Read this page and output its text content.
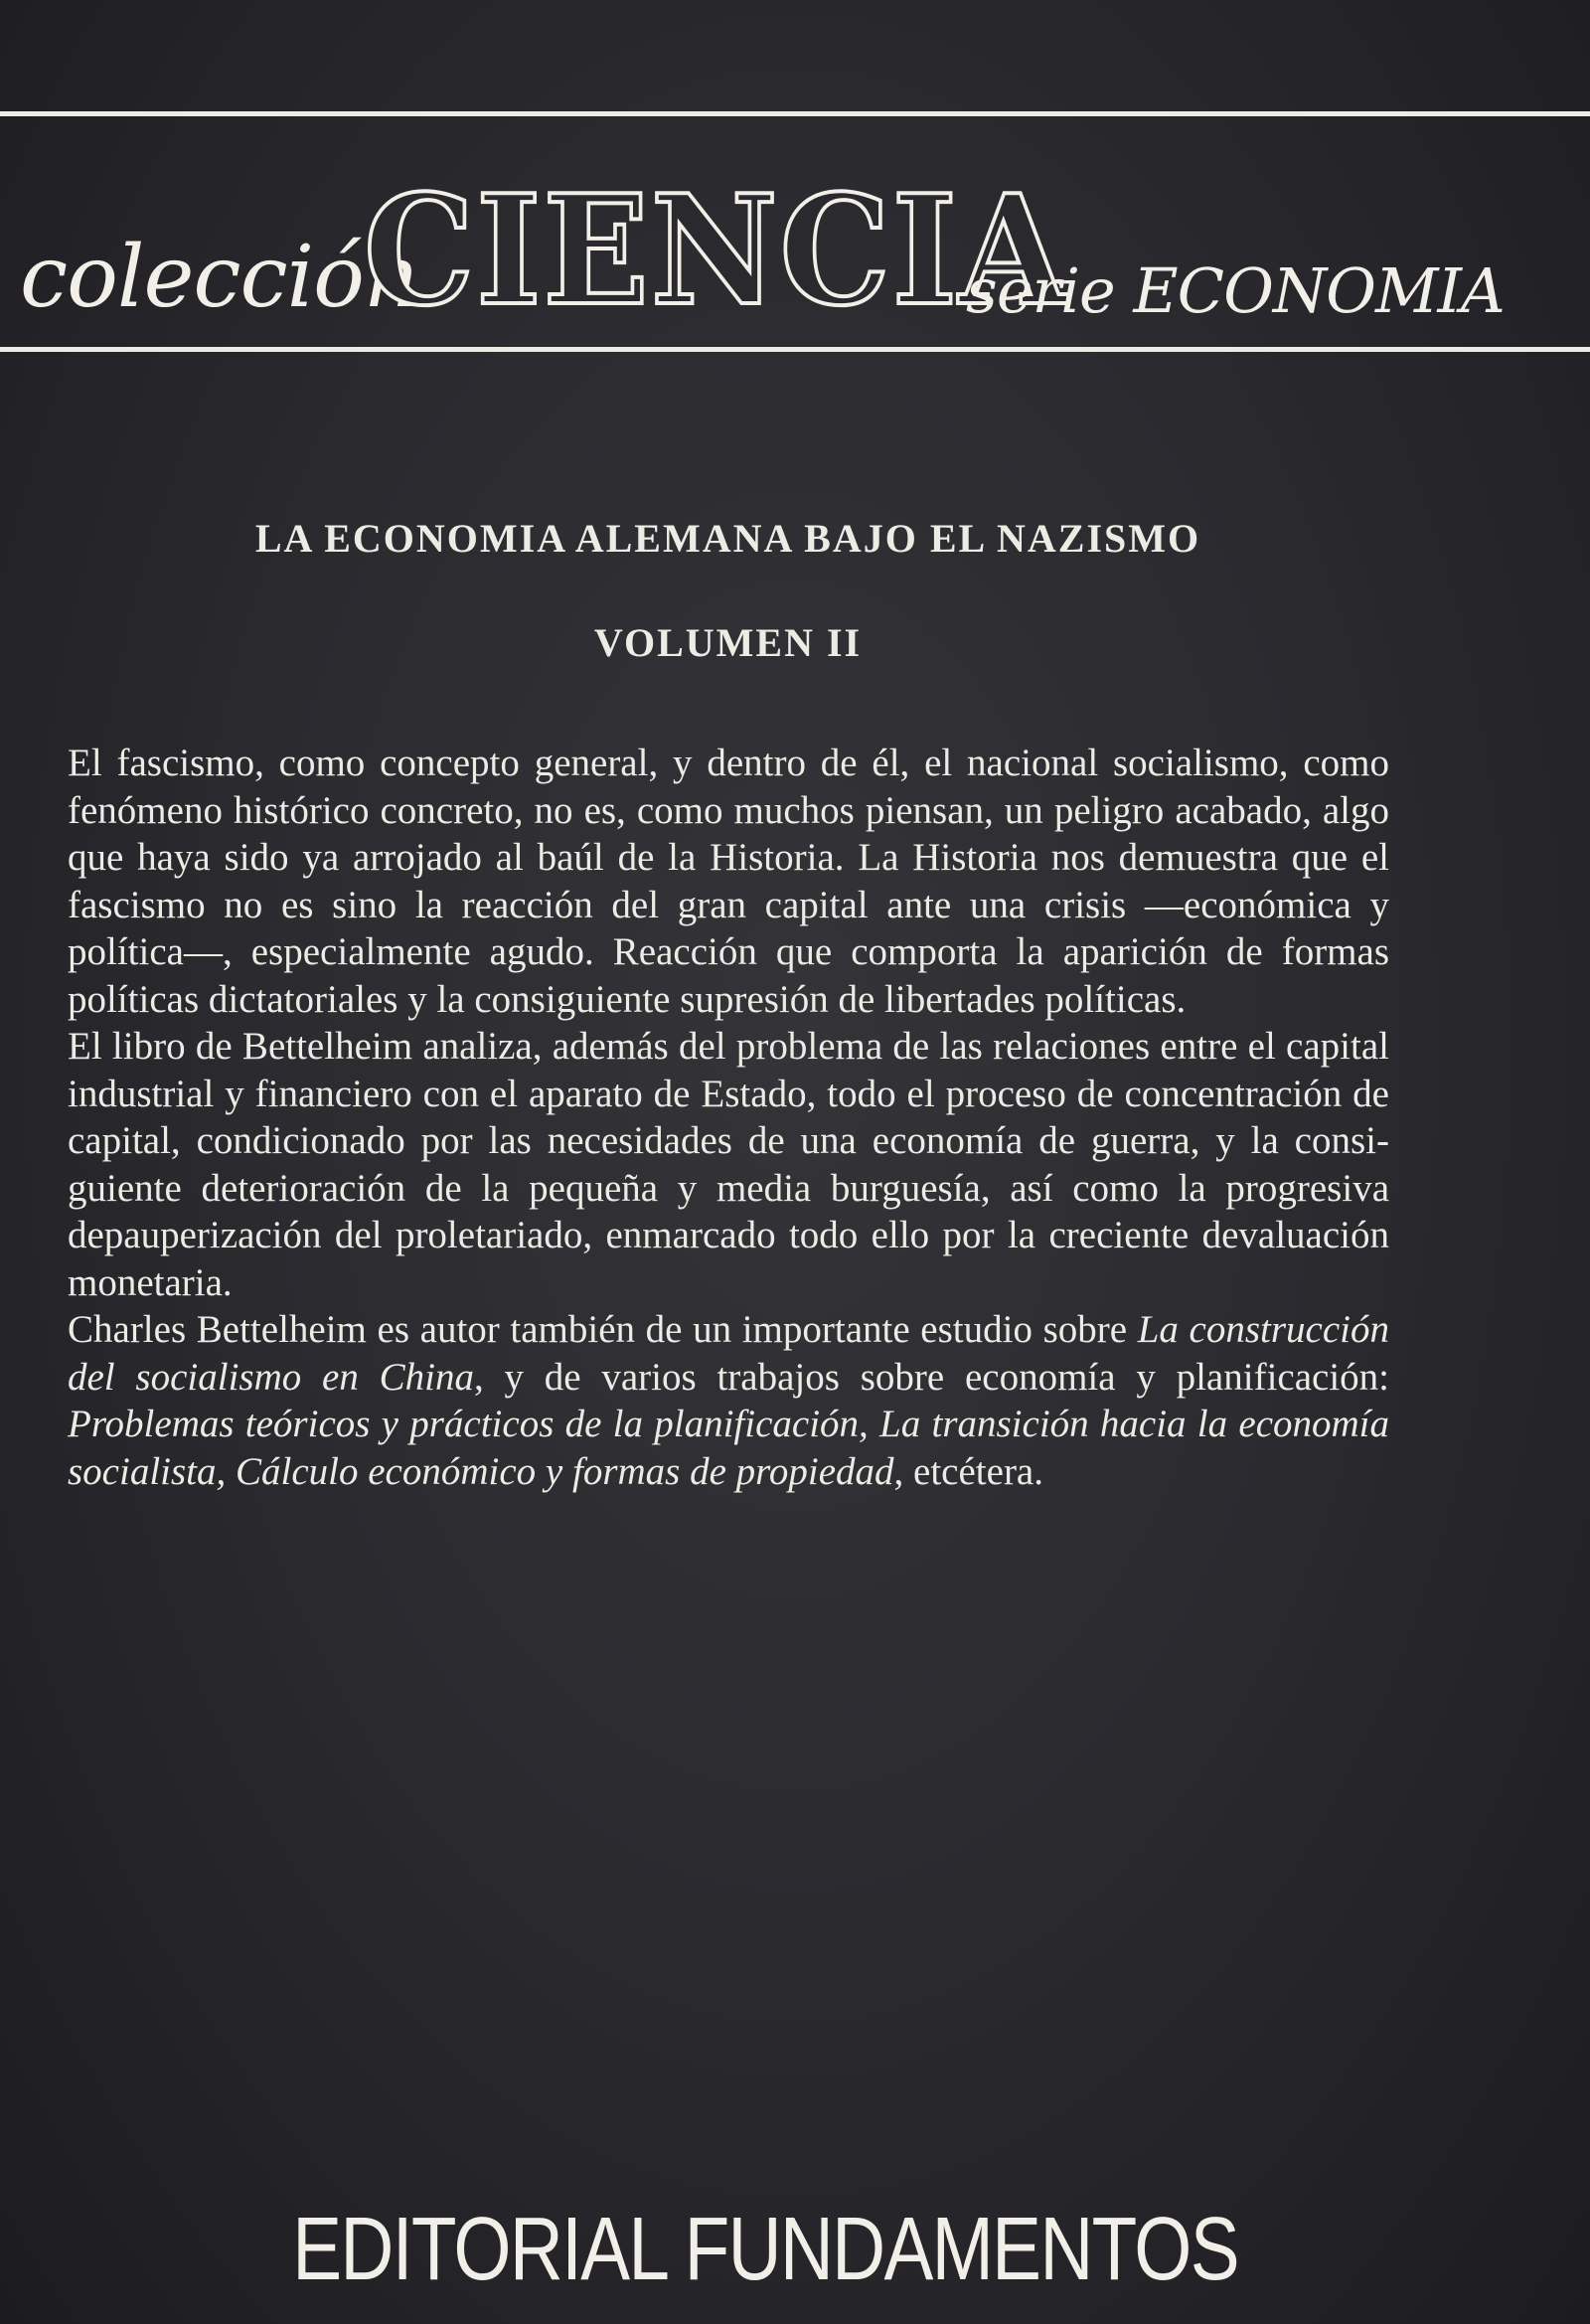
colección
CIENCIA
serie ECONOMIA
LA ECONOMIA ALEMANA BAJO EL NAZISMO
VOLUMEN II

El fascismo, como concepto general, y dentro de él, el nacional socialismo, como fenómeno histórico concreto, no es, como muchos piensan, un peligro acabado, algo que haya sido ya arrojado al baúl de la Historia. La Historia nos demuestra que el fascismo no es sino la reacción del gran capital ante una crisis —económica y política—, especialmente agudo. Reacción que comporta la aparición de formas políticas dictatoriales y la consiguiente supresión de libertades políticas.

El libro de Bettelheim analiza, además del problema de las relaciones entre el capital industrial y financiero con el aparato de Estado, todo el proceso de concentración de capital, condicionado por las necesidades de una economía de guerra, y la consiguiente deterioración de la pequeña y media burguesía, así como la progresiva depauperización del proletariado, enmarcado todo ello por la creciente devaluación monetaria.

Charles Bettelheim es autor también de un importante estudio sobre La construcción del socialismo en China, y de varios trabajos sobre economía y planificación: Problemas teóricos y prácticos de la planificación, La transición hacia la economía socialista, Cálculo económico y formas de propiedad, etcétera.

EDITORIAL FUNDAMENTOS
